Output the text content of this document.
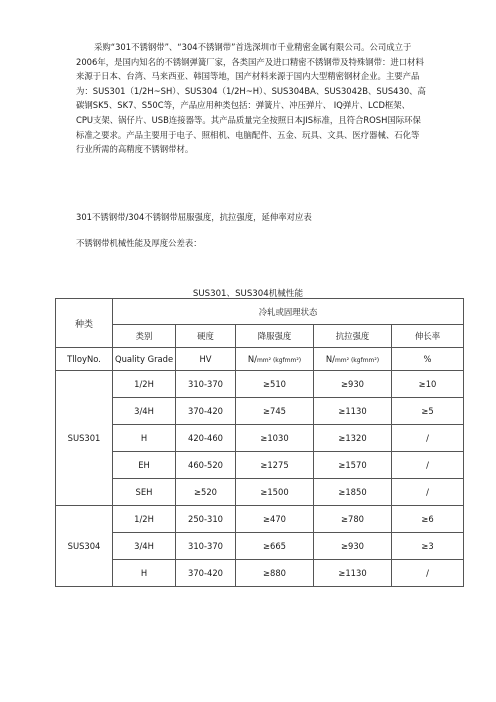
采购“301不锈钢带”、“304不锈钢带”首选深圳市千业精密金属有限公司。公司成立于2006年，是国内知名的不锈钢弹簧厂家，各类国产及进口精密不锈钢带及特殊钢带：进口材料来源于日本、台湾、马来西亚、韩国等地，国产材料来源于国内大型精密钢材企业。主要产品为：SUS301（1/2H~SH）、SUS304（1/2H~H）、SUS304BA、SUS3042B、SUS430、高碳钢SK5、SK7、S50C等，产品应用种类包括：弹簧片、冲压弹片、 IQ弹片、LCD框架、CPU支架、锅仔片、USB连接器等。其产品质量完全按照日本JIS标准，且符合ROSH国际环保标准之要求。产品主要用于电子、照相机、电脑配件、五金、玩具、文具、医疗器械、石化等行业所需的高精度不锈钢带材。

301不锈钢带/304不锈钢带屈服强度，抗拉强度，延伸率对应表

不锈钢带机械性能及厚度公差表：

SUS301、SUS304机械性能

种类	冷轧或固理状态				
	类别	硬度	降服强度	抗拉强度	伸长率
TlloyNo.	Quality Grade	HV	N/mm² (kgfmm²)	N/mm² (kgfmm²)	%
SUS301	1/2H	310-370	≥510	≥930	≥10
	3/4H	370-420	≥745	≥1130	≥5
	H	420-460	≥1030	≥1320	/
	EH	460-520	≥1275	≥1570	/
	SEH	≥520	≥1500	≥1850	/
SUS304	1/2H	250-310	≥470	≥780	≥6
	3/4H	310-370	≥665	≥930	≥3
	H	370-420	≥880	≥1130	/
